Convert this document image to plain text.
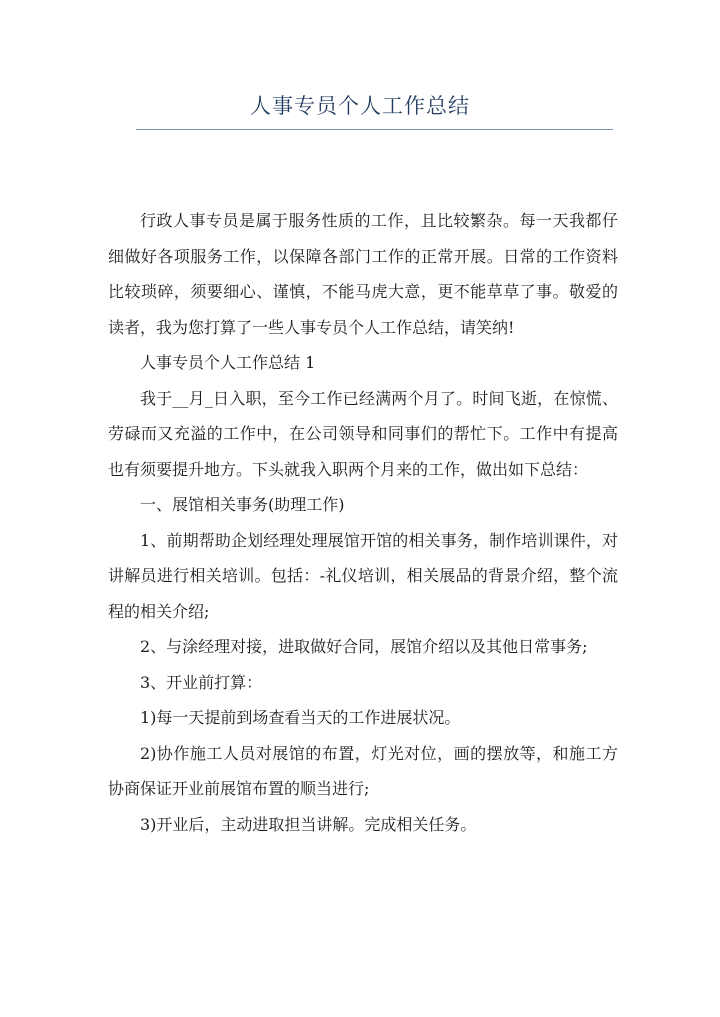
人事专员个人工作总结

行政人事专员是属于服务性质的工作，且比较繁杂。每一天我都仔细做好各项服务工作，以保障各部门工作的正常开展。日常的工作资料比较琐碎，须要细心、谨慎，不能马虎大意，更不能草草了事。敬爱的读者，我为您打算了一些人事专员个人工作总结，请笑纳!

人事专员个人工作总结 1

我于__月_日入职，至今工作已经满两个月了。时间飞逝，在惊慌、劳碌而又充溢的工作中，在公司领导和同事们的帮忙下。工作中有提高也有须要提升地方。下头就我入职两个月来的工作，做出如下总结：

一、展馆相关事务(助理工作)

1、前期帮助企划经理处理展馆开馆的相关事务，制作培训课件，对讲解员进行相关培训。包括：-礼仪培训，相关展品的背景介绍，整个流程的相关介绍;

2、与涂经理对接，进取做好合同，展馆介绍以及其他日常事务;

3、开业前打算：

1)每一天提前到场查看当天的工作进展状况。

2)协作施工人员对展馆的布置，灯光对位，画的摆放等，和施工方协商保证开业前展馆布置的顺当进行;

3)开业后，主动进取担当讲解。完成相关任务。
